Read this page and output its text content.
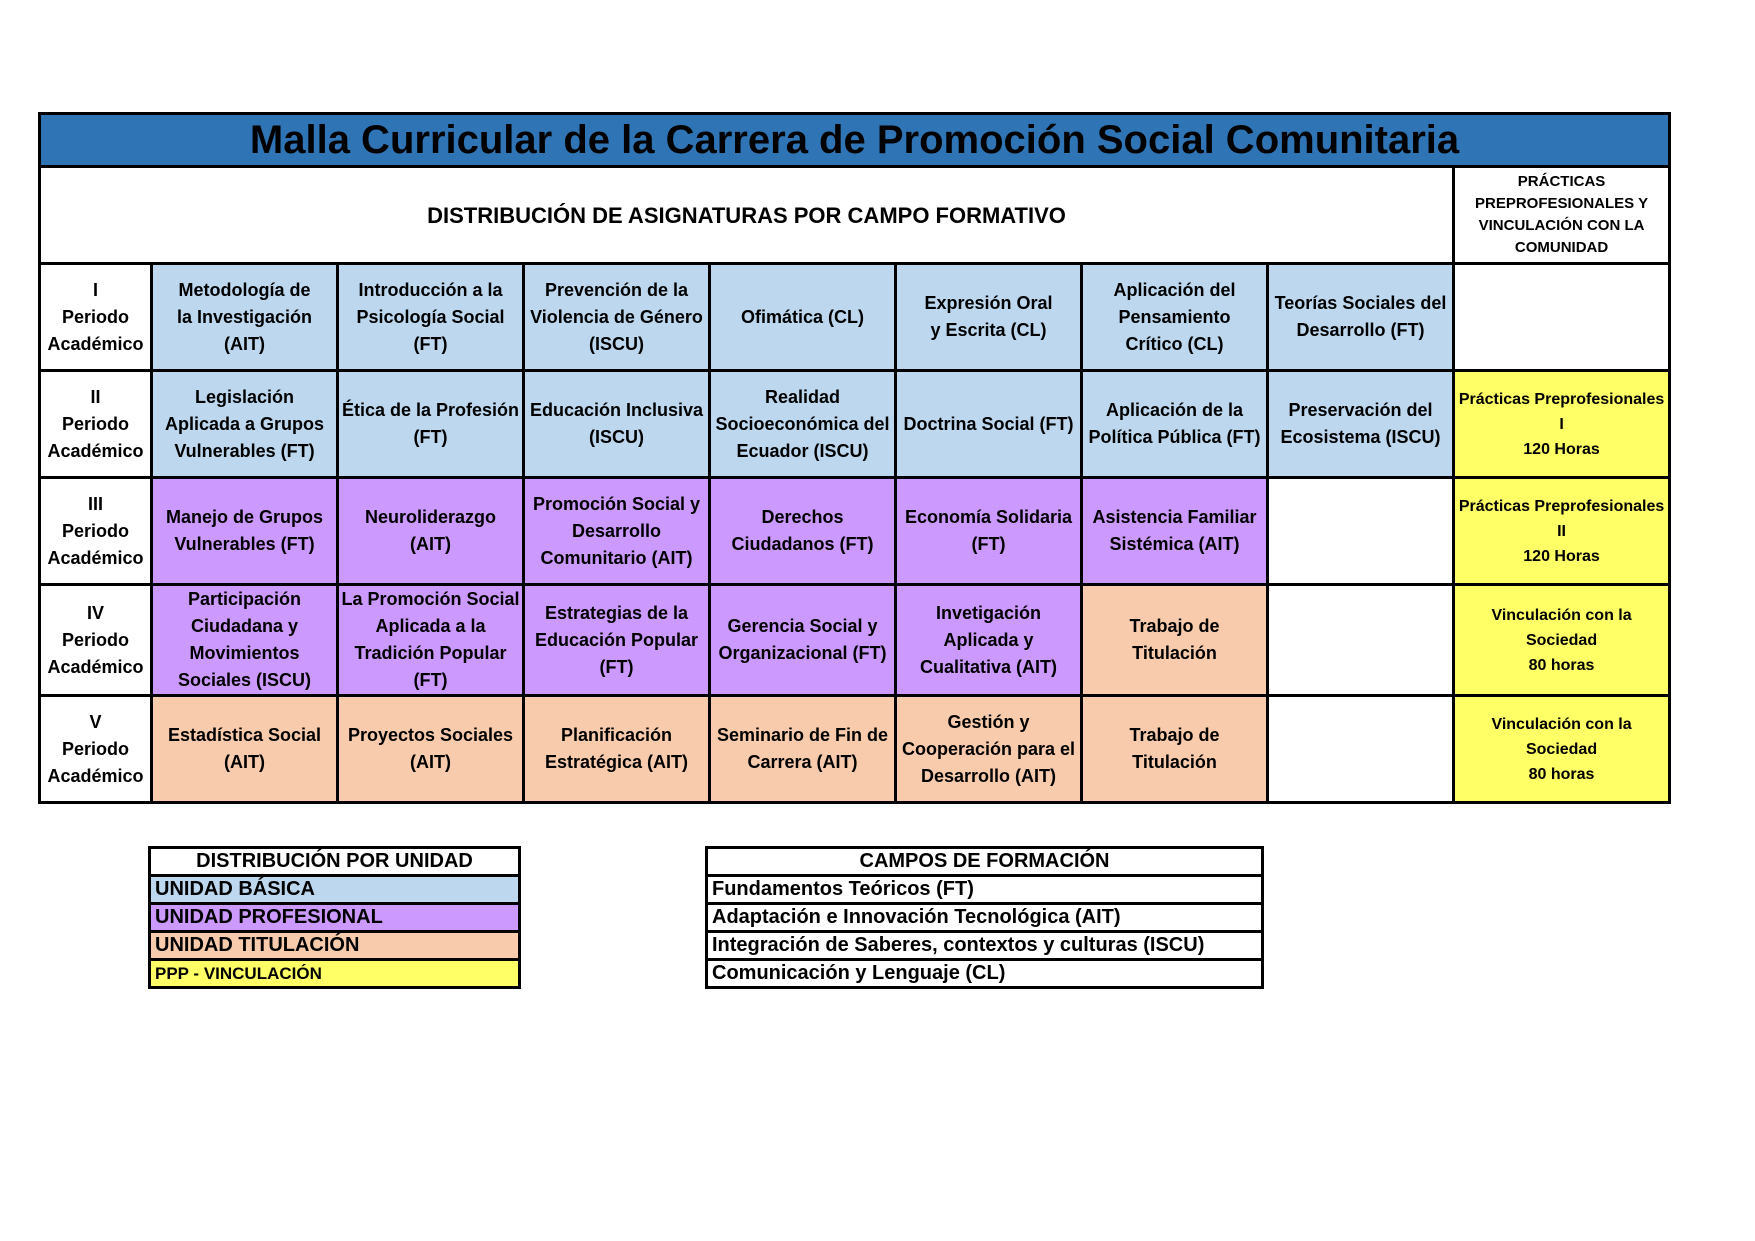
Malla Curricular de la Carrera de Promoción Social Comunitaria								
DISTRIBUCIÓN DE ASIGNATURAS POR CAMPO FORMATIVO								PRÁCTICAS
PREPROFESIONALES Y
VINCULACIÓN CON LA
COMUNIDAD
I
Periodo
Académico	Metodología de
la Investigación
(AIT)	Introducción a la
Psicología Social (FT)	Prevención de la
Violencia de Género
(ISCU)	Ofimática (CL)	Expresión Oral
y Escrita (CL)	Aplicación del
Pensamiento
Crítico (CL)	Teorías Sociales del
Desarrollo (FT)	
II
Periodo
Académico	Legislación
Aplicada a Grupos
Vulnerables (FT)	Ética de la Profesión
(FT)	Educación Inclusiva
(ISCU)	Realidad
Socioeconómica del
Ecuador (ISCU)	Doctrina Social (FT)	Aplicación de la
Política Pública (FT)	Preservación del
Ecosistema (ISCU)	Prácticas Preprofesionales
I
120 Horas
III
Periodo
Académico	Manejo de Grupos
Vulnerables (FT)	Neuroliderazgo
(AIT)	Promoción Social y
Desarrollo
Comunitario (AIT)	Derechos
Ciudadanos (FT)	Economía Solidaria
(FT)	Asistencia Familiar
Sistémica (AIT)		Prácticas Preprofesionales
II
120 Horas
IV
Periodo
Académico	Participación
Ciudadana y
Movimientos
Sociales (ISCU)	La Promoción Social
Aplicada a la
Tradición Popular
(FT)	Estrategias de la
Educación Popular
(FT)	Gerencia Social y
Organizacional (FT)	Invetigación
Aplicada y
Cualitativa (AIT)	Trabajo de
Titulación		Vinculación con la
Sociedad
80 horas
V
Periodo
Académico	Estadística Social
(AIT)	Proyectos Sociales
(AIT)	Planificación
Estratégica (AIT)	Seminario de Fin de
Carrera (AIT)	Gestión y
Cooperación para el
Desarrollo (AIT)	Trabajo de
Titulación		Vinculación con la
Sociedad
80 horas
DISTRIBUCIÓN POR UNIDAD
UNIDAD BÁSICA
UNIDAD PROFESIONAL
UNIDAD TITULACIÓN
PPP - VINCULACIÓN
CAMPOS DE FORMACIÓN
Fundamentos Teóricos (FT)
Adaptación e Innovación Tecnológica (AIT)
Integración de Saberes, contextos y culturas (ISCU)
Comunicación y Lenguaje (CL)
